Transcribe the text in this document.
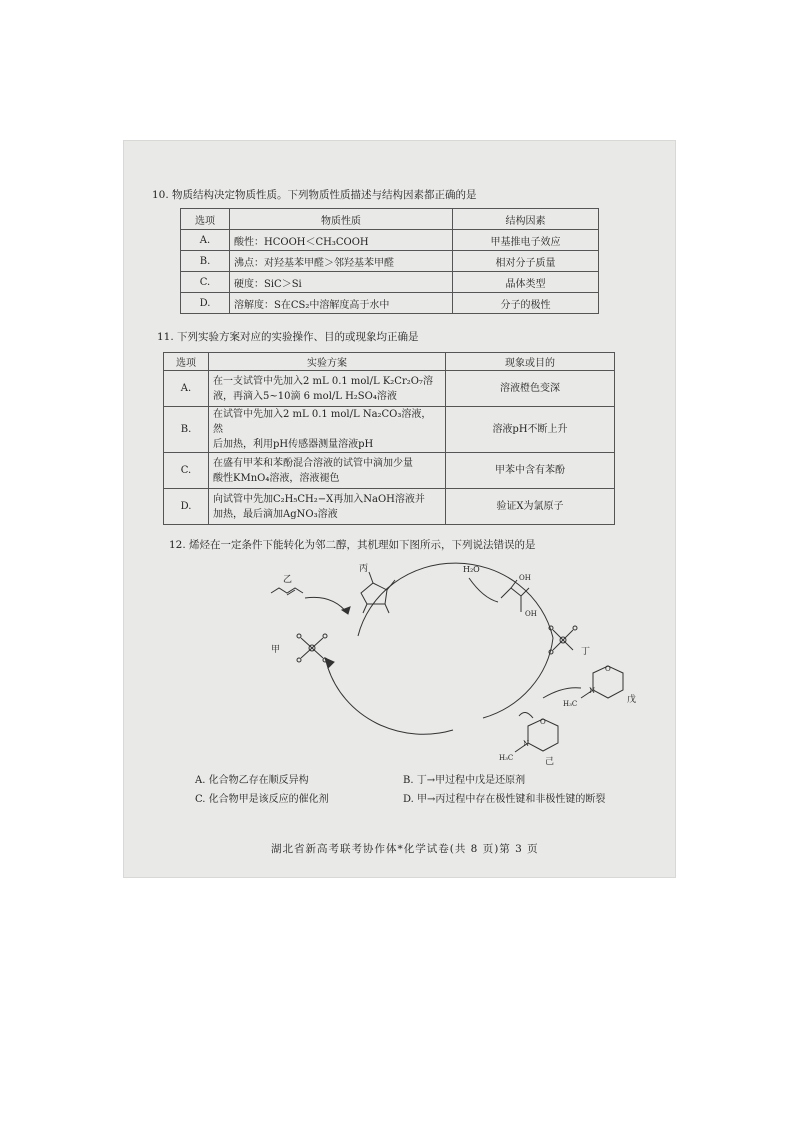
10. 物质结构决定物质性质。下列物质性质描述与结构因素都正确的是
选项	物质性质	结构因素
A.	酸性：HCOOH＜CH₃COOH	甲基推电子效应
B.	沸点：对羟基苯甲醛＞邻羟基苯甲醛	相对分子质量
C.	硬度：SiC＞Si	晶体类型
D.	溶解度：S在CS₂中溶解度高于水中	分子的极性
11. 下列实验方案对应的实验操作、目的或现象均正确是
选项	实验方案	现象或目的
A.	在一支试管中先加入2 mL 0.1 mol/L K₂Cr₂O₇溶
液，再滴入5~10滴 6 mol/L H₂SO₄溶液	溶液橙色变深
B.	在试管中先加入2 mL 0.1 mol/L Na₂CO₃溶液，然
后加热，利用pH传感器测量溶液pH	溶液pH不断上升
C.	在盛有甲苯和苯酚混合溶液的试管中滴加少量
酸性KMnO₄溶液，溶液褪色	甲苯中含有苯酚
D.	向试管中先加C₂H₅CH₂−X再加入NaOH溶液并
加热，最后滴加AgNO₃溶液	验证X为氯原子
12. 烯烃在一定条件下能转化为邻二醇，其机理如下图所示，下列说法错误的是
乙
丙	H₂O
OH
OH
甲	丁
O
N
H₃C	戊
O
N
H₃C	己
A. 化合物乙存在顺反异构	B. 丁→甲过程中戊是还原剂
C. 化合物甲是该反应的催化剂	D. 甲→丙过程中存在极性键和非极性键的断裂
湖北省新高考联考协作体*化学试卷(共 8 页)第 3 页
